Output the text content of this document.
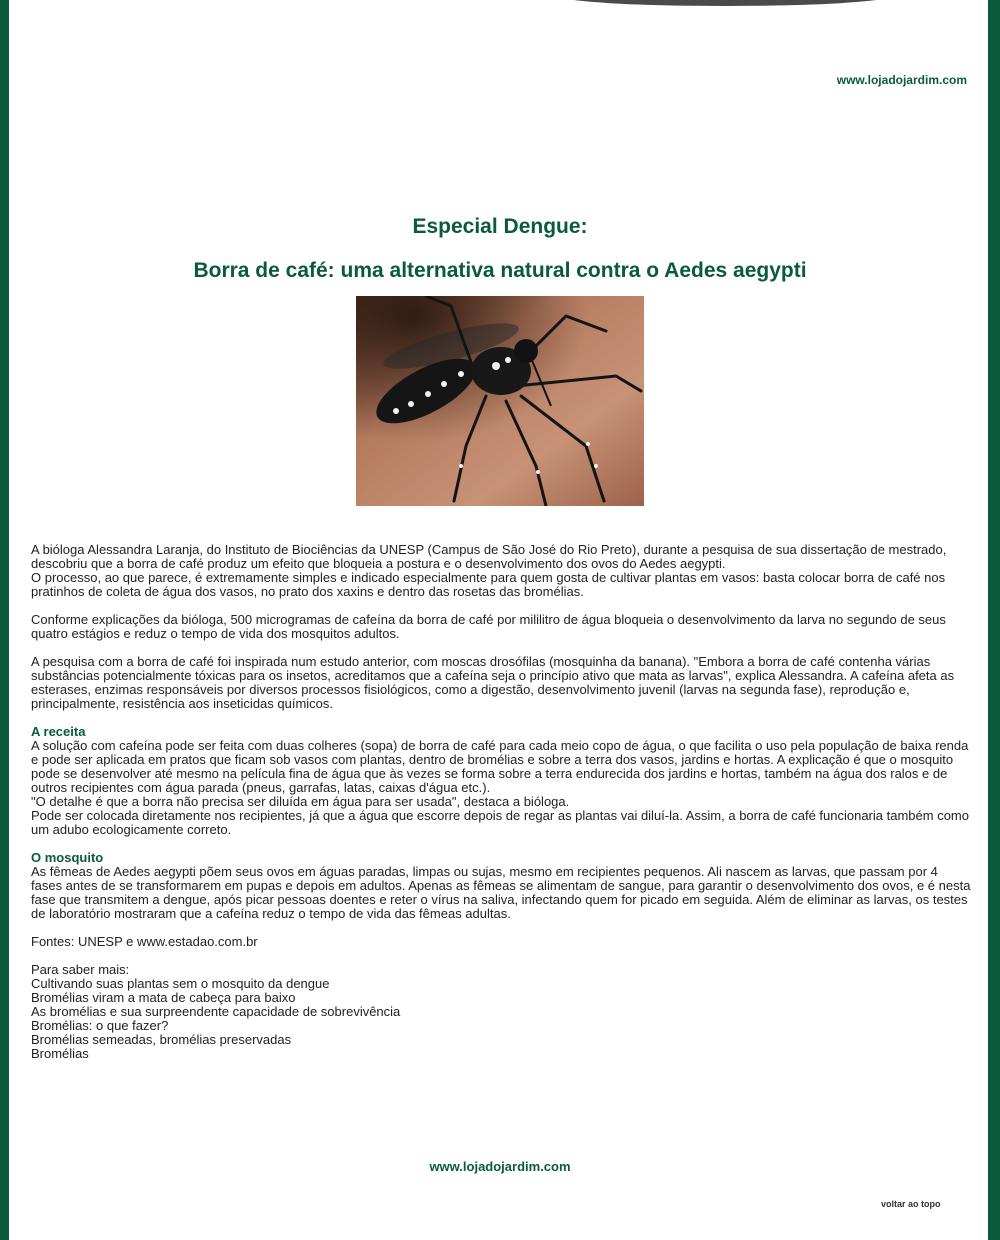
www.lojadojardim.com
Especial Dengue:
Borra de café: uma alternativa natural contra o Aedes aegypti

A bióloga Alessandra Laranja, do Instituto de Biociências da UNESP (Campus de São José do Rio Preto), durante a pesquisa de sua dissertação de mestrado, descobriu que a borra de café produz um efeito que bloqueia a postura e o desenvolvimento dos ovos do Aedes aegypti.

O processo, ao que parece, é extremamente simples e indicado especialmente para quem gosta de cultivar plantas em vasos: basta colocar borra de café nos pratinhos de coleta de água dos vasos, no prato dos xaxins e dentro das rosetas das bromélias.

Conforme explicações da bióloga, 500 microgramas de cafeína da borra de café por mililitro de água bloqueia o desenvolvimento da larva no segundo de seus quatro estágios e reduz o tempo de vida dos mosquitos adultos.

A pesquisa com a borra de café foi inspirada num estudo anterior, com moscas drosófilas (mosquinha da banana). "Embora a borra de café contenha várias substâncias potencialmente tóxicas para os insetos, acreditamos que a cafeína seja o princípio ativo que mata as larvas", explica Alessandra. A cafeína afeta as esterases, enzimas responsáveis por diversos processos fisiológicos, como a digestão, desenvolvimento juvenil (larvas na segunda fase), reprodução e, principalmente, resistência aos inseticidas químicos.

A receita
A solução com cafeína pode ser feita com duas colheres (sopa) de borra de café para cada meio copo de água, o que facilita o uso pela população de baixa renda e pode ser aplicada em pratos que ficam sob vasos com plantas, dentro de bromélias e sobre a terra dos vasos, jardins e hortas. A explicação é que o mosquito pode se desenvolver até mesmo na película fina de água que às vezes se forma sobre a terra endurecida dos jardins e hortas, também na água dos ralos e de outros recipientes com água parada (pneus, garrafas, latas, caixas d'água etc.).
"O detalhe é que a borra não precisa ser diluída em água para ser usada", destaca a bióloga.

Pode ser colocada diretamente nos recipientes, já que a água que escorre depois de regar as plantas vai diluí-la. Assim, a borra de café funcionaria também como um adubo ecologicamente correto.

O mosquito

As fêmeas de Aedes aegypti põem seus ovos em águas paradas, limpas ou sujas, mesmo em recipientes pequenos. Ali nascem as larvas, que passam por 4 fases antes de se transformarem em pupas e depois em adultos. Apenas as fêmeas se alimentam de sangue, para garantir o desenvolvimento dos ovos, e é nesta fase que transmitem a dengue, após picar pessoas doentes e reter o vírus na saliva, infectando quem for picado em seguida. Além de eliminar as larvas, os testes de laboratório mostraram que a cafeína reduz o tempo de vida das fêmeas adultas.

Fontes: UNESP e www.estadao.com.br

Para saber mais:
Cultivando suas plantas sem o mosquito da dengue
Bromélias viram a mata de cabeça para baixo
As bromélias e sua surpreendente capacidade de sobrevivência
Bromélias: o que fazer?
Bromélias semeadas, bromélias preservadas
Bromélias
www.lojadojardim.com
voltar ao topo
